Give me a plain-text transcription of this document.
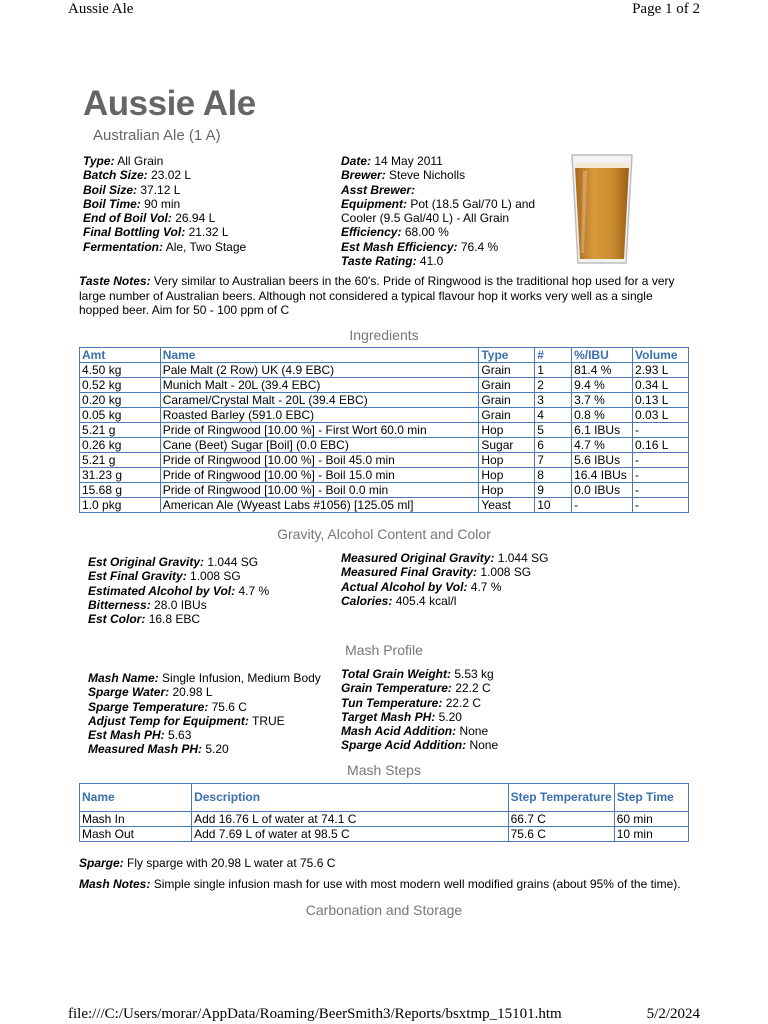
Aussie Ale	Page 1 of 2
Aussie Ale
Australian Ale (1 A)
Type: All Grain
Batch Size: 23.02 L
Boil Size: 37.12 L
Boil Time: 90 min
End of Boil Vol: 26.94 L
Final Bottling Vol: 21.32 L
Fermentation: Ale, Two Stage
Date: 14 May 2011
Brewer: Steve Nicholls
Asst Brewer:
Equipment: Pot (18.5 Gal/70 L) and Cooler (9.5 Gal/40 L) - All Grain
Efficiency: 68.00 %
Est Mash Efficiency: 76.4 %
Taste Rating: 41.0
Taste Notes: Very similar to Australian beers in the 60's. Pride of Ringwood is the traditional hop used for a very large number of Australian beers. Although not considered a typical flavour hop it works very well as a single hopped beer. Aim for 50 - 100 ppm of C
Ingredients
Amt	Name	Type	#	%/IBU	Volume
4.50 kg	Pale Malt (2 Row) UK (4.9 EBC)	Grain	1	81.4 %	2.93 L
0.52 kg	Munich Malt - 20L (39.4 EBC)	Grain	2	9.4 %	0.34 L
0.20 kg	Caramel/Crystal Malt - 20L (39.4 EBC)	Grain	3	3.7 %	0.13 L
0.05 kg	Roasted Barley (591.0 EBC)	Grain	4	0.8 %	0.03 L
5.21 g	Pride of Ringwood [10.00 %] - First Wort 60.0 min	Hop	5	6.1 IBUs	-
0.26 kg	Cane (Beet) Sugar [Boil] (0.0 EBC)	Sugar	6	4.7 %	0.16 L
5.21 g	Pride of Ringwood [10.00 %] - Boil 45.0 min	Hop	7	5.6 IBUs	-
31.23 g	Pride of Ringwood [10.00 %] - Boil 15.0 min	Hop	8	16.4 IBUs	-
15.68 g	Pride of Ringwood [10.00 %] - Boil 0.0 min	Hop	9	0.0 IBUs	-
1.0 pkg	American Ale (Wyeast Labs #1056) [125.05 ml]	Yeast	10	-	-
Gravity, Alcohol Content and Color
Est Original Gravity: 1.044 SG
Est Final Gravity: 1.008 SG
Estimated Alcohol by Vol: 4.7 %
Bitterness: 28.0 IBUs
Est Color: 16.8 EBC
Measured Original Gravity: 1.044 SG
Measured Final Gravity: 1.008 SG
Actual Alcohol by Vol: 4.7 %
Calories: 405.4 kcal/l
Mash Profile
Mash Name: Single Infusion, Medium Body
Sparge Water: 20.98 L
Sparge Temperature: 75.6 C
Adjust Temp for Equipment: TRUE
Est Mash PH: 5.63
Measured Mash PH: 5.20
Total Grain Weight: 5.53 kg
Grain Temperature: 22.2 C
Tun Temperature: 22.2 C
Target Mash PH: 5.20
Mash Acid Addition: None
Sparge Acid Addition: None
Mash Steps
Name	Description	Step Temperature	Step Time
Mash In	Add 16.76 L of water at 74.1 C	66.7 C	60 min
Mash Out	Add 7.69 L of water at 98.5 C	75.6 C	10 min
Sparge: Fly sparge with 20.98 L water at 75.6 C
Mash Notes: Simple single infusion mash for use with most modern well modified grains (about 95% of the time).
Carbonation and Storage
file:///C:/Users/morar/AppData/Roaming/BeerSmith3/Reports/bsxtmp_15101.htm	5/2/2024
